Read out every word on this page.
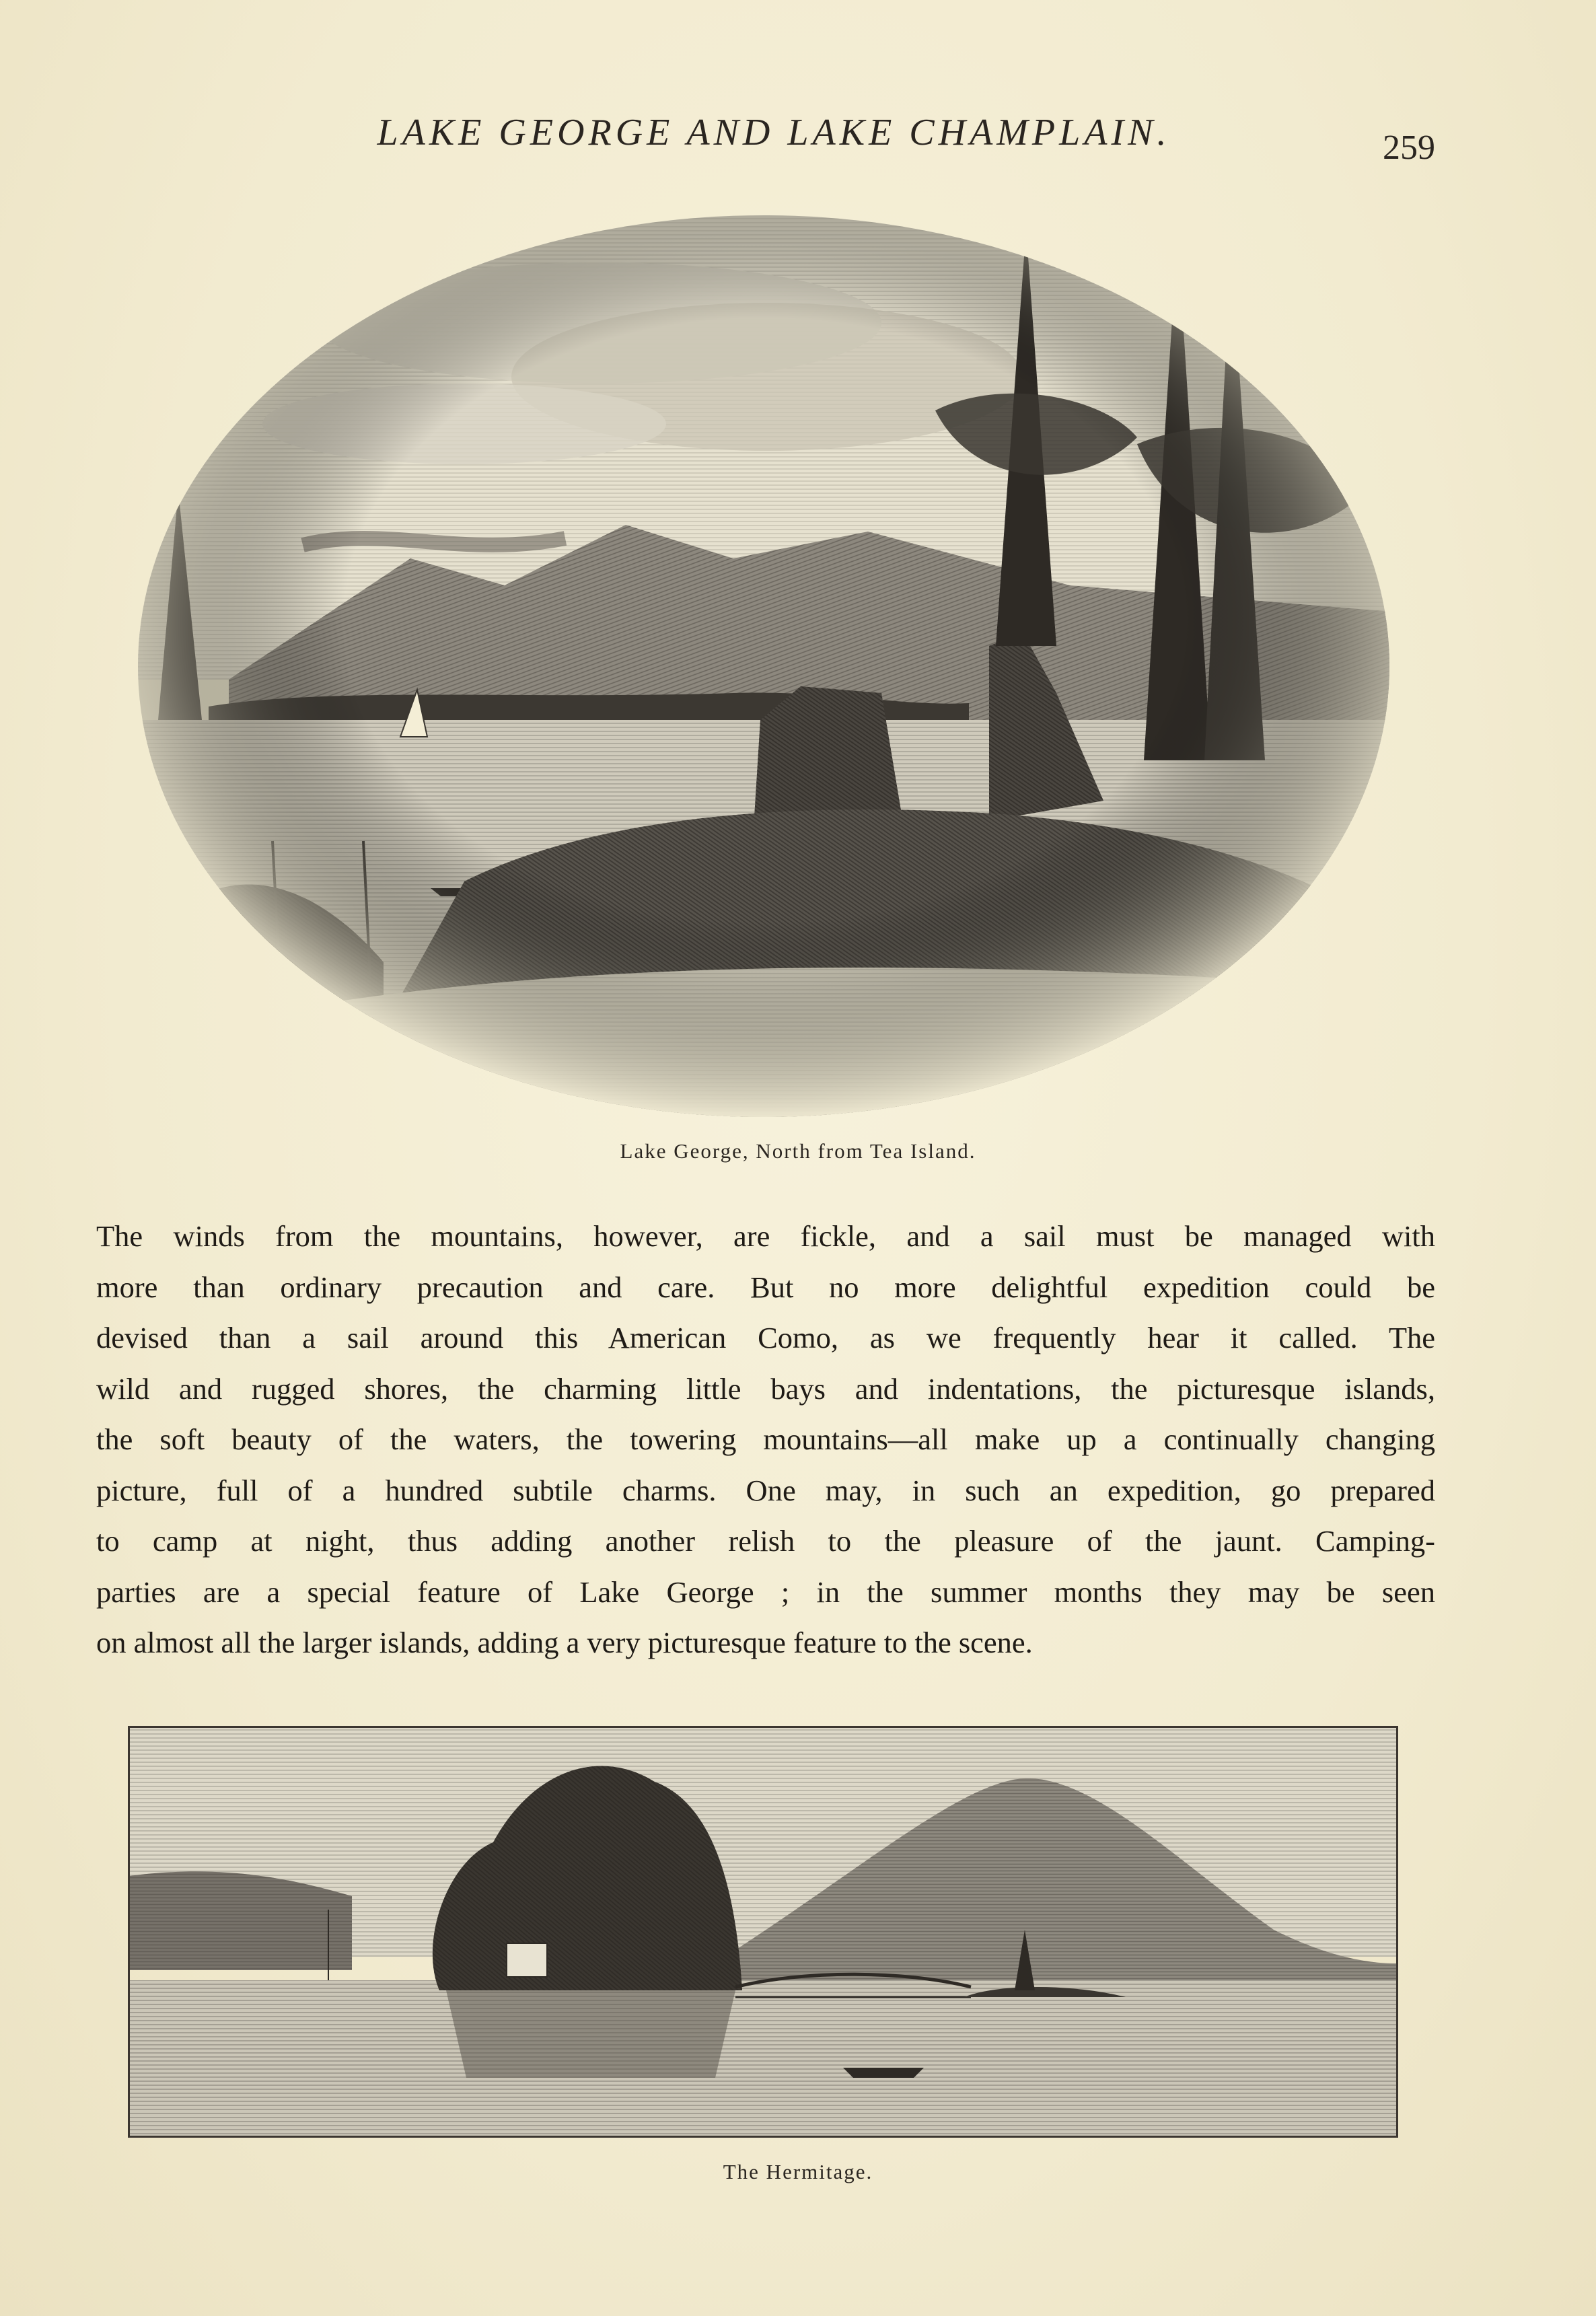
LAKE GEORGE AND LAKE CHAMPLAIN.	259
Lake George, North from Tea Island.
The winds from the mountains, however, are fickle, and a sail must be managed with
more than ordinary precaution and care. But no more delightful expedition could be
devised than a sail around this American Como, as we frequently hear it called. The
wild and rugged shores, the charming little bays and indentations, the picturesque islands,
the soft beauty of the waters, the towering mountains—all make up a continually changing
picture, full of a hundred subtile charms. One may, in such an expedition, go prepared
to camp at night, thus adding another relish to the pleasure of the jaunt. Camping-
parties are a special feature of Lake George ; in the summer months they may be seen
on almost all the larger islands, adding a very picturesque feature to the scene.
The Hermitage.
